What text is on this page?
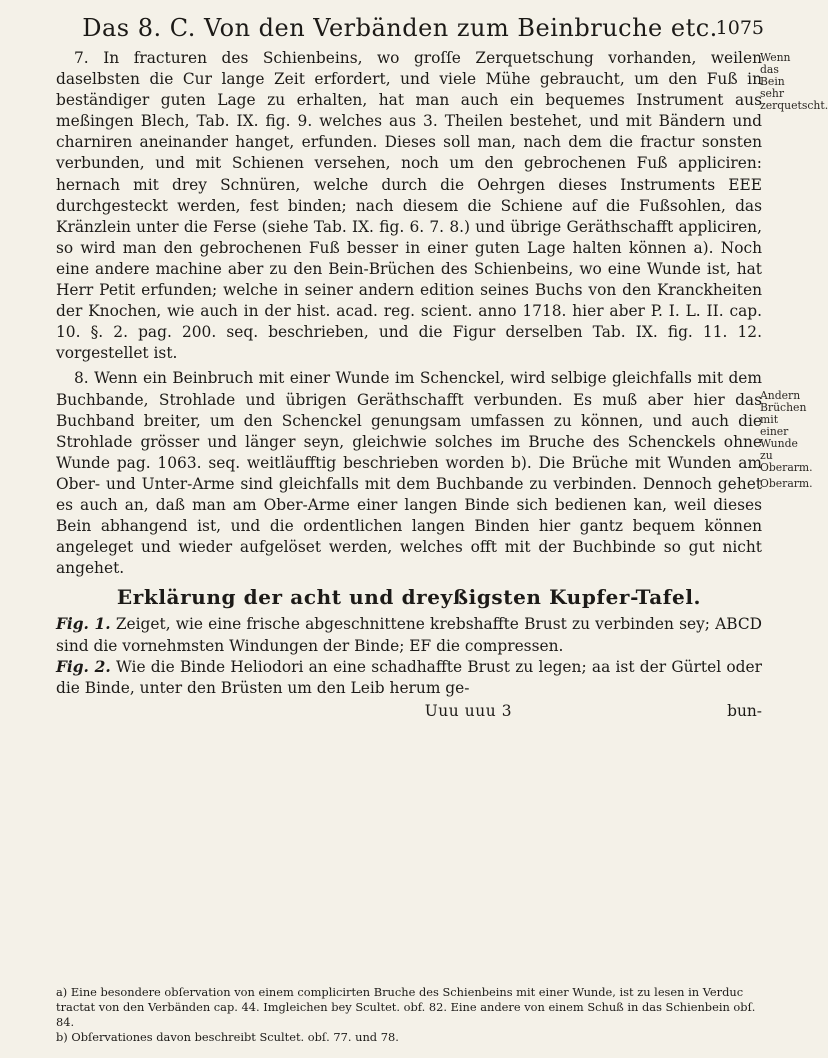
Das 8. C. Von den Verbänden zum Beinbruche etc.
1075
Wenn das Bein sehr zerquetscht.
Andern Brüchen mit einer Wunde zu Oberarm.
Oberarm.

7. In fracturen des Schienbeins, wo groſſe Zerquetschung vorhanden, weilen daselbsten die Cur lange Zeit erfordert, und viele Mühe gebraucht, um den Fuß in beständiger guten Lage zu erhalten, hat man auch ein bequemes Instrument aus meßingen Blech, Tab. IX. fig. 9. welches aus 3. Theilen bestehet, und mit Bändern und charniren aneinander hanget, erfunden. Dieses soll man, nach dem die fractur sonsten verbunden, und mit Schienen versehen, noch um den gebrochenen Fuß appliciren: hernach mit drey Schnüren, welche durch die Oehrgen dieses Instruments EEE durchgesteckt werden, fest binden; nach diesem die Schiene auf die Fußsohlen, das Kränzlein unter die Ferse (siehe Tab. IX. fig. 6. 7. 8.) und übrige Geräthschafft appliciren, so wird man den gebrochenen Fuß besser in einer guten Lage halten können a). Noch eine andere machine aber zu den Bein-Brüchen des Schienbeins, wo eine Wunde ist, hat Herr Petit erfunden; welche in seiner andern edition seines Buchs von den Kranckheiten der Knochen, wie auch in der hist. acad. reg. scient. anno 1718. hier aber P. I. L. II. cap. 10. §. 2. pag. 200. seq. beschrieben, und die Figur derselben Tab. IX. fig. 11. 12. vorgestellet ist.

8. Wenn ein Beinbruch mit einer Wunde im Schenckel, wird selbige gleichfalls mit dem Buchbande, Strohlade und übrigen Geräthschafft verbunden. Es muß aber hier das Buchband breiter, um den Schenckel genungsam umfassen zu können, und auch die Strohlade grösser und länger seyn, gleichwie solches im Bruche des Schenckels ohne Wunde pag. 1063. seq. weitläufftig beschrieben worden b). Die Brüche mit Wunden am Ober- und Unter-Arme sind gleichfalls mit dem Buchbande zu verbinden. Dennoch gehet es auch an, daß man am Ober-Arme einer langen Binde sich bedienen kan, weil dieses Bein abhangend ist, und die ordentlichen langen Binden hier gantz bequem können angeleget und wieder aufgelöset werden, welches offt mit der Buchbinde so gut nicht angehet.

Erklärung der acht und dreyßigsten Kupfer-Tafel.

Fig. 1. Zeiget, wie eine frische abgeschnittene krebshaffte Brust zu verbinden sey; ABCD sind die vornehmsten Windungen der Binde; EF die compressen.

Fig. 2. Wie die Binde Heliodori an eine schadhaffte Brust zu legen; aa ist der Gürtel oder die Binde, unter den Brüsten um den Leib herum ge-

Uuu uuu 3	bun-

a) Eine besondere obſervation von einem complicirten Bruche des Schienbeins mit einer Wunde, ist zu lesen in Verduc tractat von den Verbänden cap. 44. Imgleichen bey Scultet. obf. 82. Eine andere von einem Schuß in das Schienbein obſ. 84.

b) Obſervationes davon beschreibt Scultet. obſ. 77. und 78.
